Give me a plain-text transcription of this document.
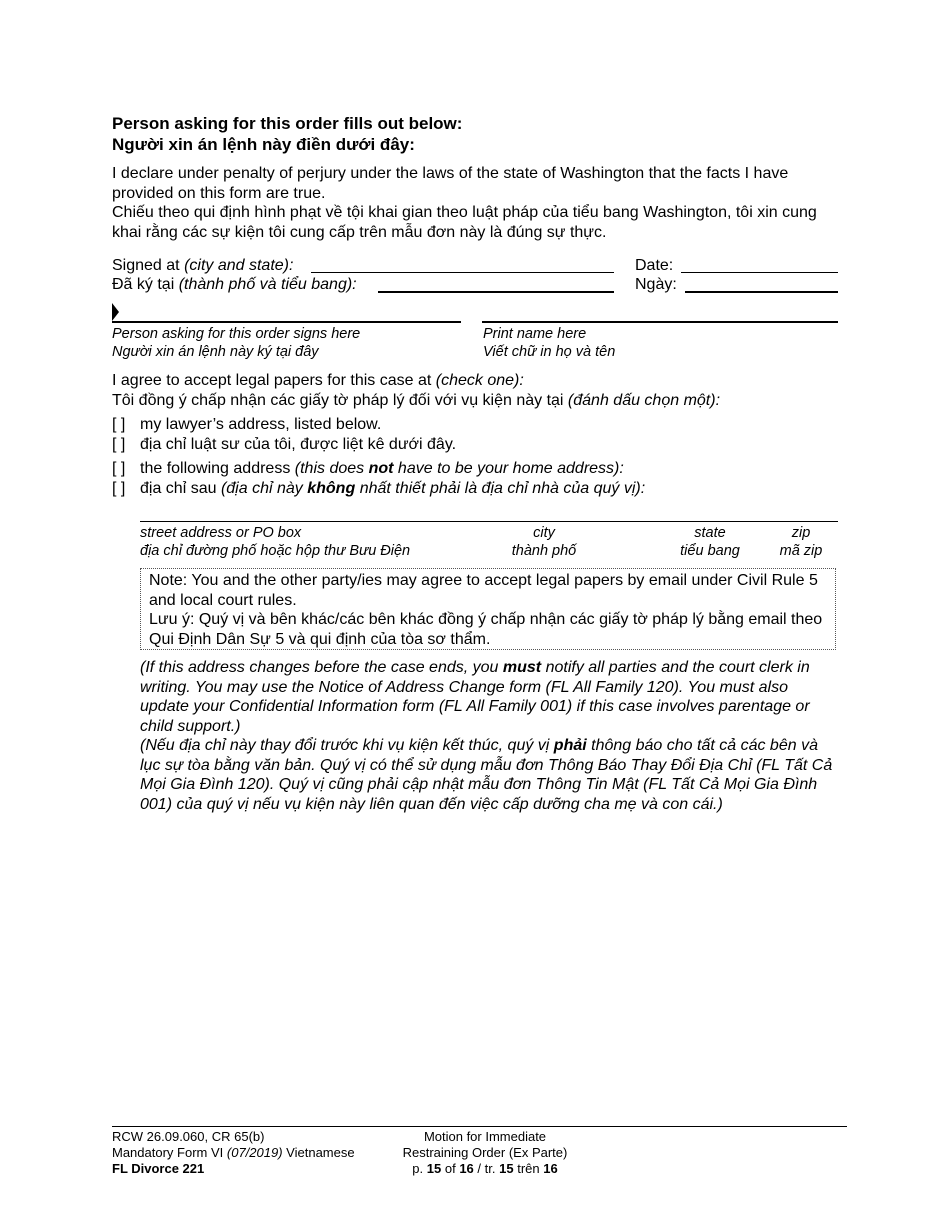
Person asking for this order fills out below:
Người xin án lệnh này điền dưới đây:
I declare under penalty of perjury under the laws of the state of Washington that the facts I have provided on this form are true.
Chiếu theo qui định hình phạt về tội khai gian theo luật pháp của tiểu bang Washington, tôi xin cung khai rằng các sự kiện tôi cung cấp trên mẫu đơn này là đúng sự thực.
Signed at (city and state):
Đã ký tại (thành phố và tiểu bang):
Date:
Ngày:
Person asking for this order signs here
Người xin án lệnh này ký tại đây
Print name here
Viết chữ in họ và tên
I agree to accept legal papers for this case at (check one):
Tôi đồng ý chấp nhận các giấy tờ pháp lý đối với vụ kiện này tại (đánh dấu chọn một):
[ ] my lawyer’s address, listed below.
[ ] địa chỉ luật sư của tôi, được liệt kê dưới đây.
[ ] the following address (this does not have to be your home address):
[ ] địa chỉ sau (địa chỉ này không nhất thiết phải là địa chỉ nhà của quý vị):
street address or PO box
địa chỉ đường phố hoặc hộp thư Bưu Điện
city
thành phố
state
tiểu bang
zip
mã zip
Note: You and the other party/ies may agree to accept legal papers by email under Civil Rule 5 and local court rules.
Lưu ý: Quý vị và bên khác/các bên khác đồng ý chấp nhận các giấy tờ pháp lý bằng email theo Qui Định Dân Sự 5 và qui định của tòa sơ thẩm.
(If this address changes before the case ends, you must notify all parties and the court clerk in writing. You may use the Notice of Address Change form (FL All Family 120). You must also update your Confidential Information form (FL All Family 001) if this case involves parentage or child support.)
(Nếu địa chỉ này thay đổi trước khi vụ kiện kết thúc, quý vị phải thông báo cho tất cả các bên và lục sự tòa bằng văn bản. Quý vị có thể sử dụng mẫu đơn Thông Báo Thay Đổi Địa Chỉ (FL Tất Cả Mọi Gia Đình 120). Quý vị cũng phải cập nhật mẫu đơn Thông Tin Mật (FL Tất Cả Mọi Gia Đình 001) của quý vị nếu vụ kiện này liên quan đến việc cấp dưỡng cha mẹ và con cái.)
RCW 26.09.060, CR 65(b)
Mandatory Form VI (07/2019) Vietnamese
FL Divorce 221
Motion for Immediate
Restraining Order (Ex Parte)
p. 15 of 16 / tr. 15 trên 16
